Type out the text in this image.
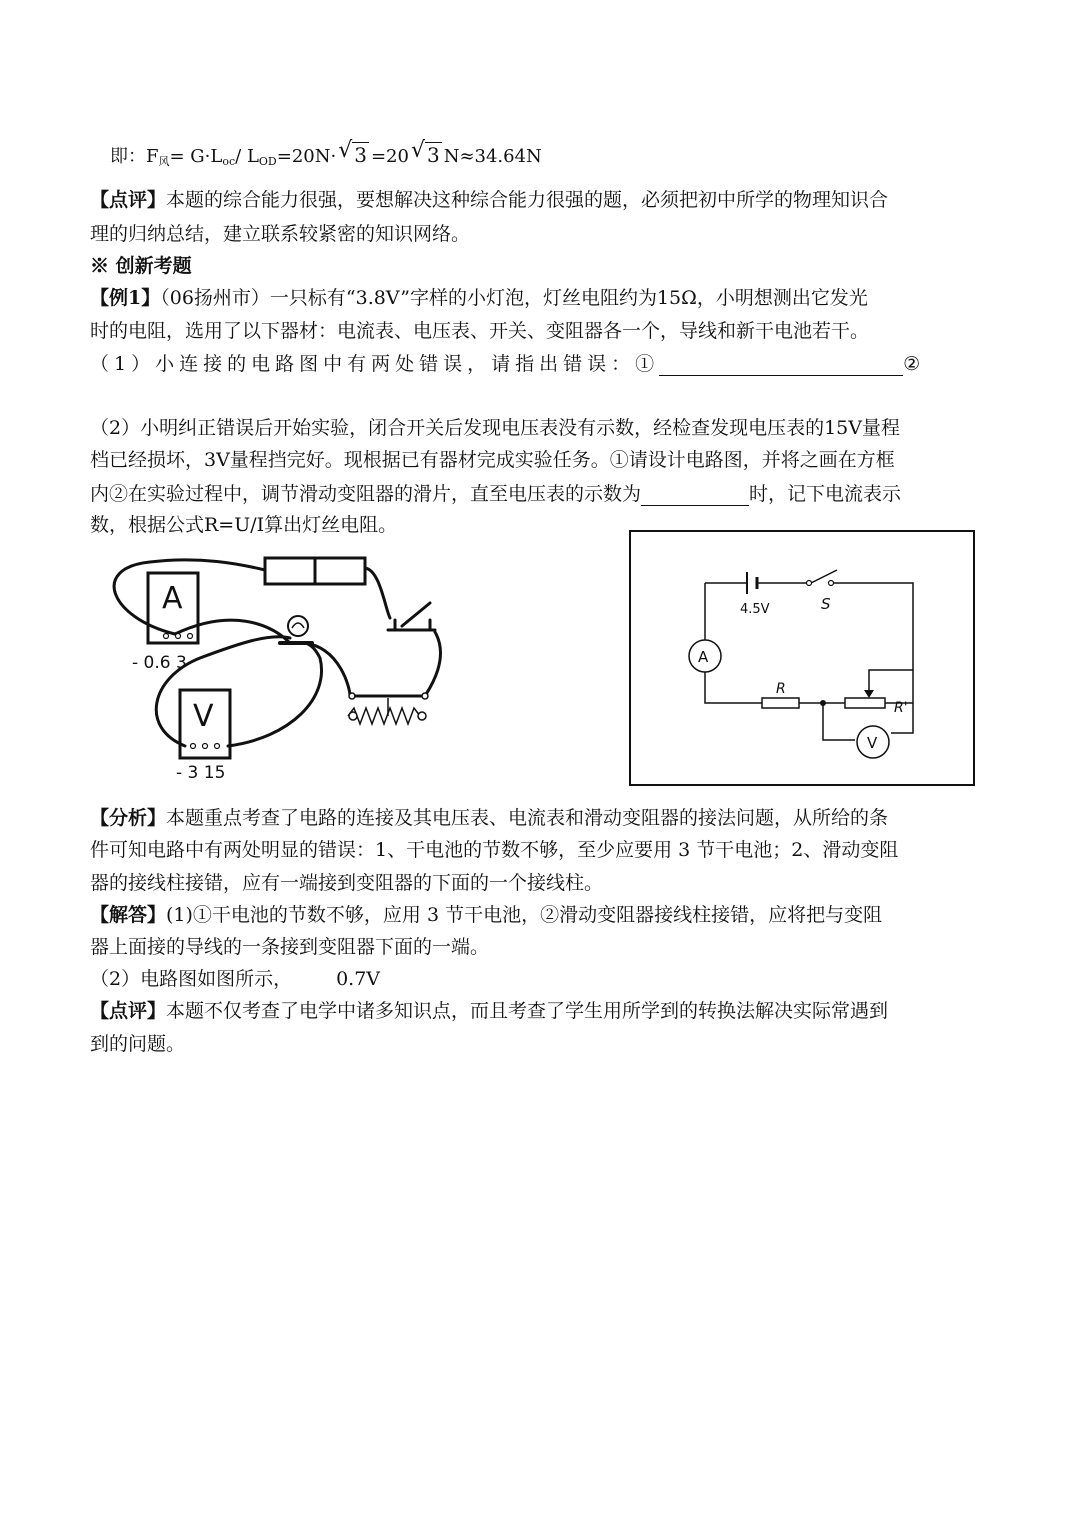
即：$F_风= G\cdot L_{oc}/$ $L_{OD}=20N\cdot$ √ 3 =20 √ 3 N≈34.64N
【点评】本题的综合能力很强，要想解决这种综合能力很强的题，必须把初中所学的物理知识合
理的归纳总结，建立联系较紧密的知识网络。
※ 创新考题
【例1】（06扬州市）一只标有“3.8V”字样的小灯泡，灯丝电阻约为15Ω，小明想测出它发光
时的电阻，选用了以下器材：电流表、电压表、开关、变阻器各一个，导线和新干电池若干。
（1）小连接的电路图中有两处错误，请指出错误：①	②
（2）小明纠正错误后开始实验，闭合开关后发现电压表没有示数，经检查发现电压表的15V量程
档已经损坏，3V量程挡完好。现根据已有器材完成实验任务。①请设计电路图，并将之画在方框
内②在实验过程中，调节滑动变阻器的滑片，直至电压表的示数为	时，记下电流表示
数，根据公式R=U/I算出灯丝电阻。
A
- 0.6 3
V
- 3 15
4.5V	S
A
R
R'
V
【分析】本题重点考查了电路的连接及其电压表、电流表和滑动变阻器的接法问题，从所给的条
件可知电路中有两处明显的错误：1、干电池的节数不够，至少应要用 3 节干电池；2、滑动变阻
器的接线柱接错，应有一端接到变阻器的下面的一个接线柱。
【解答】(1)①干电池的节数不够，应用 3 节干电池，②滑动变阻器接线柱接错，应将把与变阻
器上面接的导线的一条接到变阻器下面的一端。
（2）电路图如图所示， 0.7V
【点评】本题不仅考查了电学中诸多知识点，而且考查了学生用所学到的转换法解决实际常遇到
到的问题。
